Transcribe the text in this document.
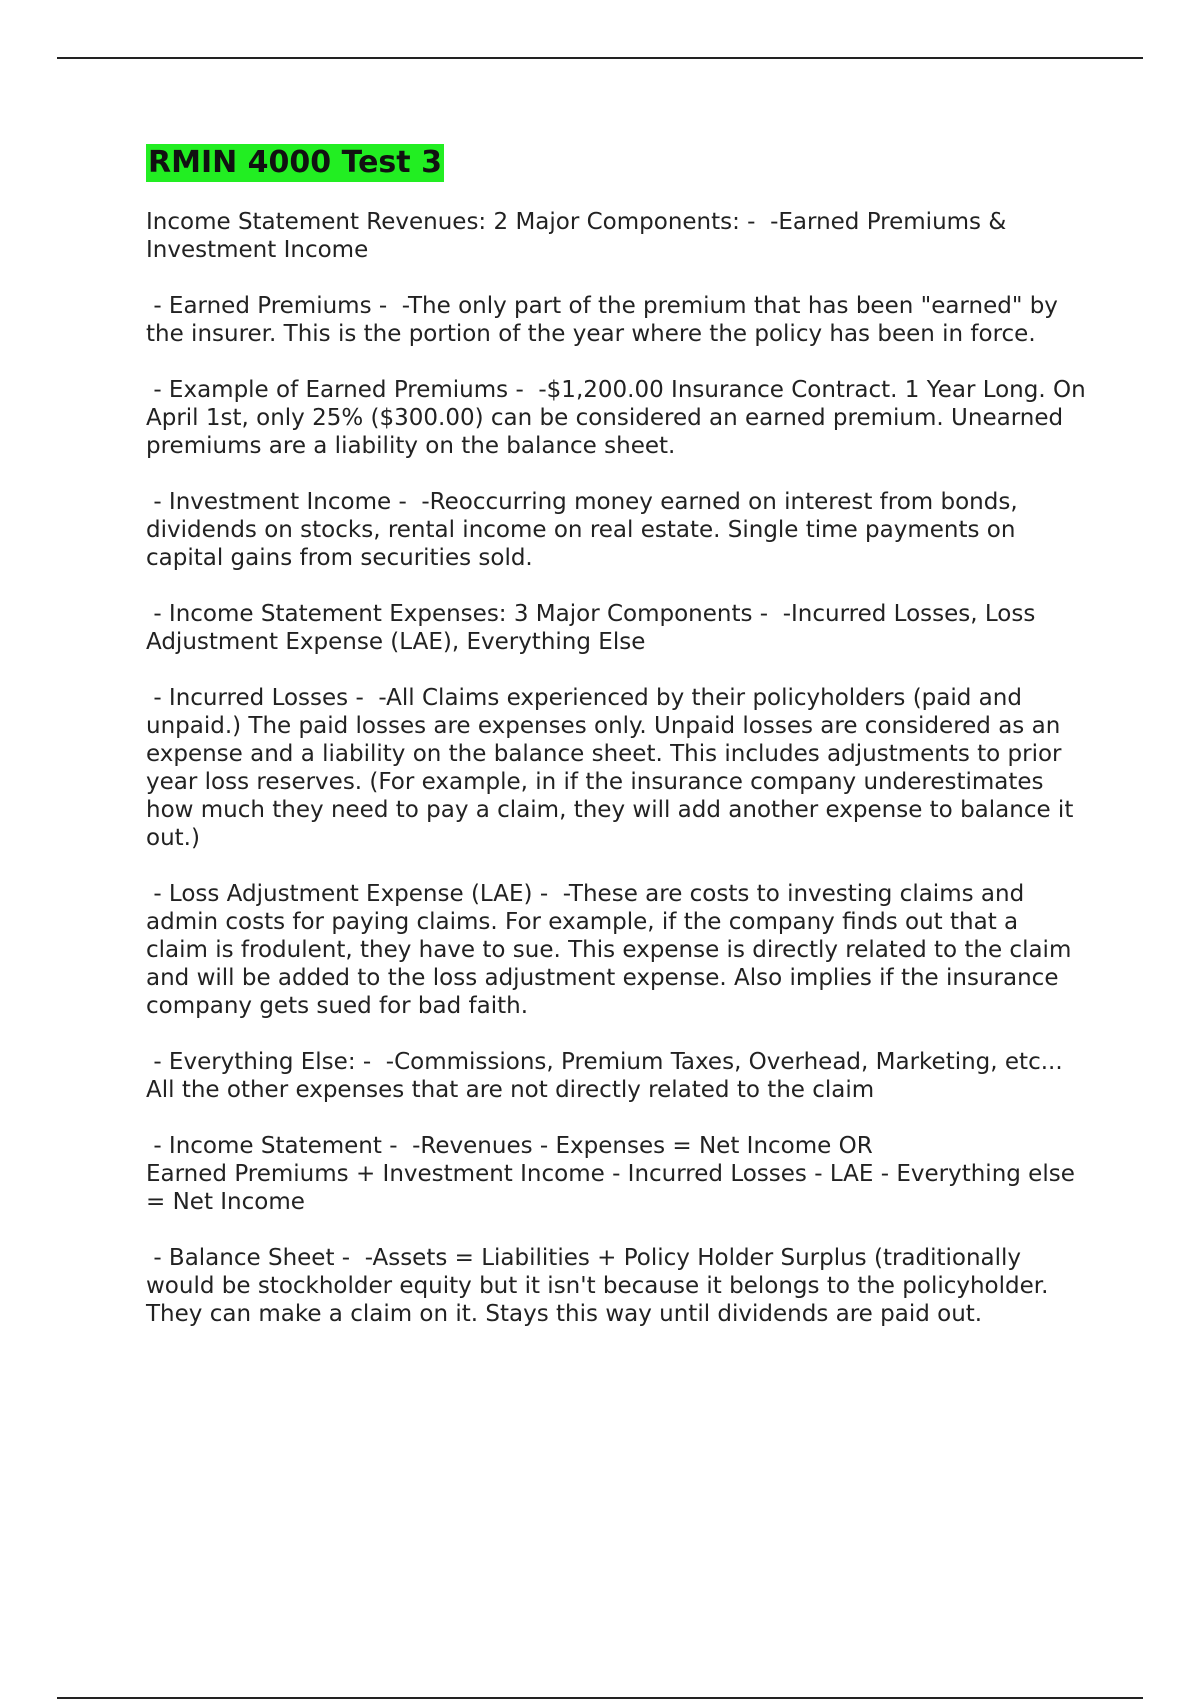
RMIN 4000 Test 3
Income Statement Revenues: 2 Major Components: -  -Earned Premiums & Investment Income
- Earned Premiums -  -The only part of the premium that has been "earned" by the insurer. This is the portion of the year where the policy has been in force.
- Example of Earned Premiums -  -$1,200.00 Insurance Contract. 1 Year Long. On April 1st, only 25% ($300.00) can be considered an earned premium. Unearned premiums are a liability on the balance sheet.
- Investment Income -  -Reoccurring money earned on interest from bonds, dividends on stocks, rental income on real estate. Single time payments on capital gains from securities sold.
- Income Statement Expenses: 3 Major Components -  -Incurred Losses, Loss Adjustment Expense (LAE), Everything Else
- Incurred Losses -  -All Claims experienced by their policyholders (paid and unpaid.) The paid losses are expenses only. Unpaid losses are considered as an expense and a liability on the balance sheet. This includes adjustments to prior year loss reserves. (For example, in if the insurance company underestimates how much they need to pay a claim, they will add another expense to balance it out.)
- Loss Adjustment Expense (LAE) -  -These are costs to investing claims and admin costs for paying claims. For example, if the company finds out that a claim is frodulent, they have to sue. This expense is directly related to the claim and will be added to the loss adjustment expense. Also implies if the insurance company gets sued for bad faith.
- Everything Else: -  -Commissions, Premium Taxes, Overhead, Marketing, etc... All the other expenses that are not directly related to the claim
- Income Statement -  -Revenues - Expenses = Net Income OR
Earned Premiums + Investment Income - Incurred Losses - LAE - Everything else = Net Income
- Balance Sheet -  -Assets = Liabilities + Policy Holder Surplus (traditionally would be stockholder equity but it isn't because it belongs to the policyholder. They can make a claim on it. Stays this way until dividends are paid out.
